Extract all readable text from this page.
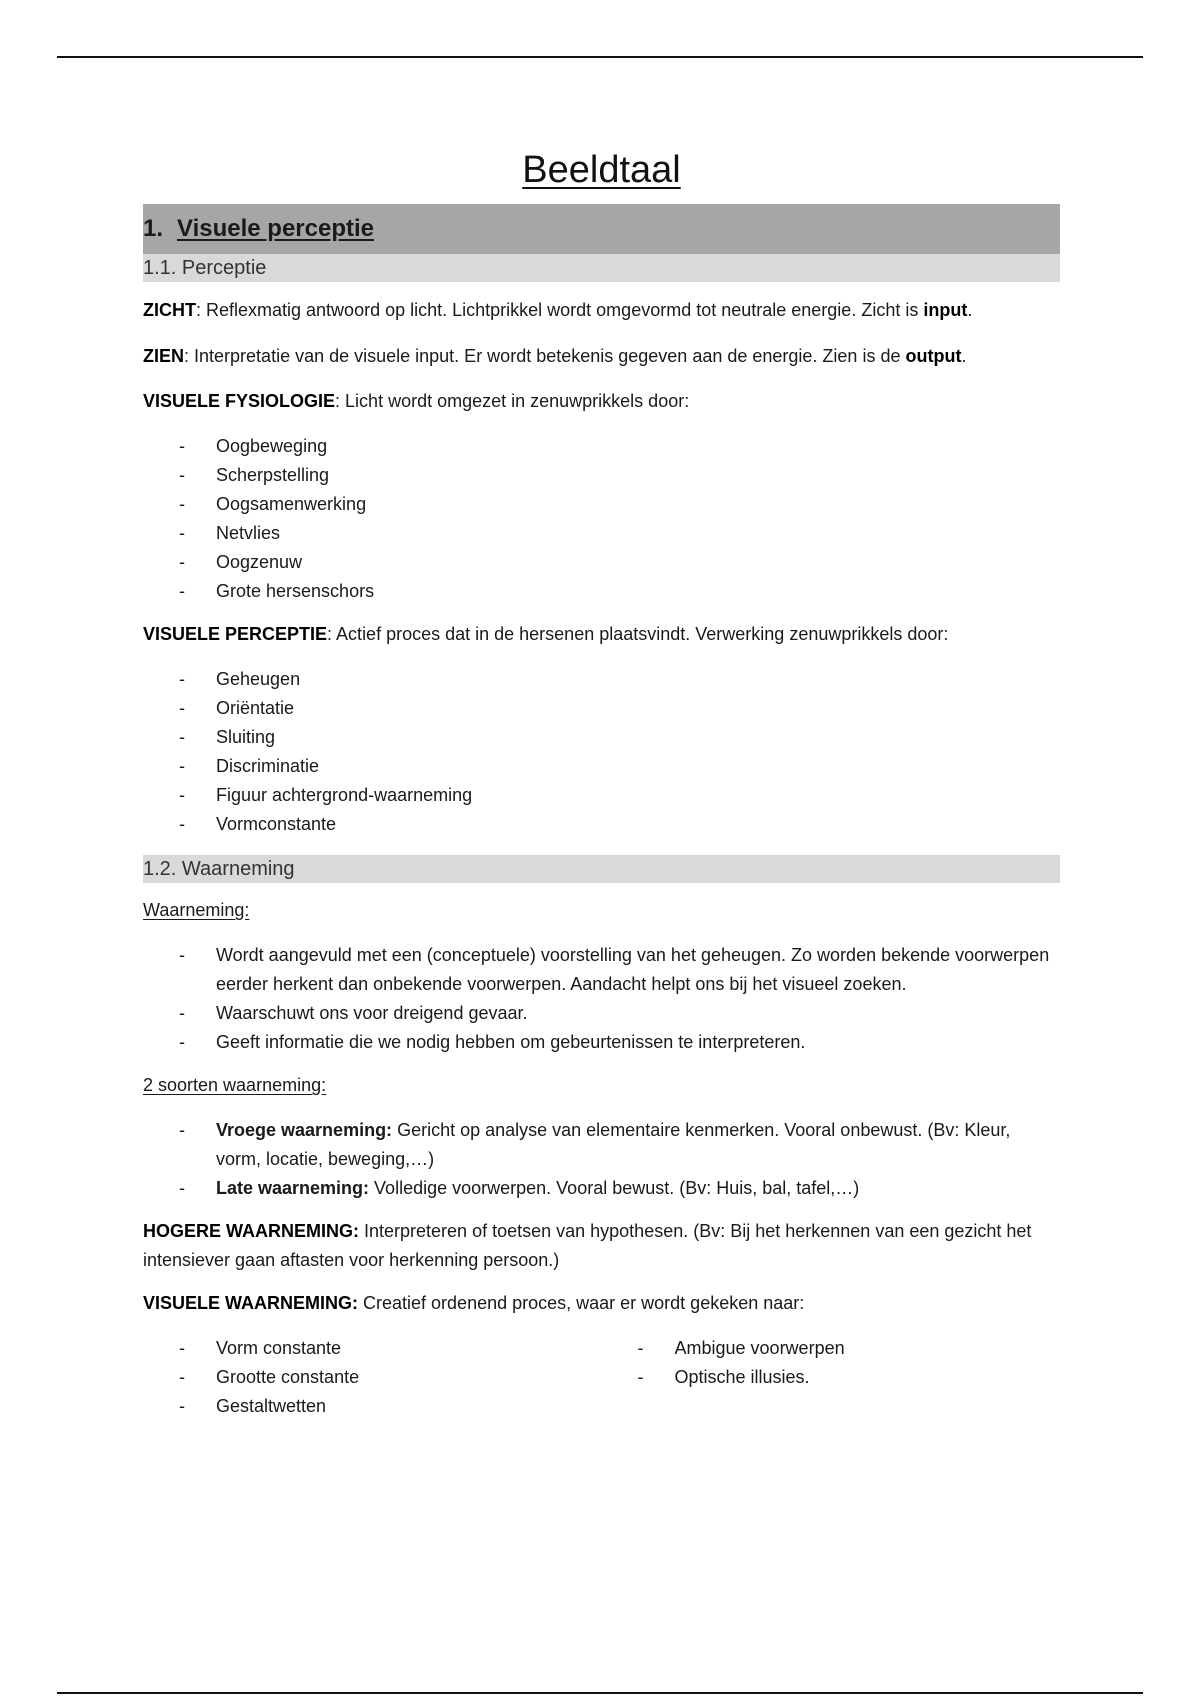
Beeldtaal
1. Visuele perceptie
1.1. Perceptie

ZICHT: Reflexmatig antwoord op licht. Lichtprikkel wordt omgevormd tot neutrale energie. Zicht is input.

ZIEN: Interpretatie van de visuele input. Er wordt betekenis gegeven aan de energie. Zien is de output.

VISUELE FYSIOLOGIE: Licht wordt omgezet in zenuwprikkels door:

- Oogbeweging
- Scherpstelling
- Oogsamenwerking
- Netvlies
- Oogzenuw
- Grote hersenschors

VISUELE PERCEPTIE: Actief proces dat in de hersenen plaatsvindt. Verwerking zenuwprikkels door:

- Geheugen
- Oriëntatie
- Sluiting
- Discriminatie
- Figuur achtergrond-waarneming
- Vormconstante
1.2. Waarneming

Waarneming:

- Wordt aangevuld met een (conceptuele) voorstelling van het geheugen. Zo worden bekende voorwerpen eerder herkent dan onbekende voorwerpen. Aandacht helpt ons bij het visueel zoeken.
- Waarschuwt ons voor dreigend gevaar.
- Geeft informatie die we nodig hebben om gebeurtenissen te interpreteren.

2 soorten waarneming:

- Vroege waarneming: Gericht op analyse van elementaire kenmerken. Vooral onbewust. (Bv: Kleur, vorm, locatie, beweging,…)
- Late waarneming: Volledige voorwerpen. Vooral bewust. (Bv: Huis, bal, tafel,…)

HOGERE WAARNEMING: Interpreteren of toetsen van hypothesen. (Bv: Bij het herkennen van een gezicht het intensiever gaan aftasten voor herkenning persoon.)

VISUELE WAARNEMING: Creatief ordenend proces, waar er wordt gekeken naar:

- Vorm constante
- Grootte constante
- Gestaltwetten
- Ambigue voorwerpen
- Optische illusies.
